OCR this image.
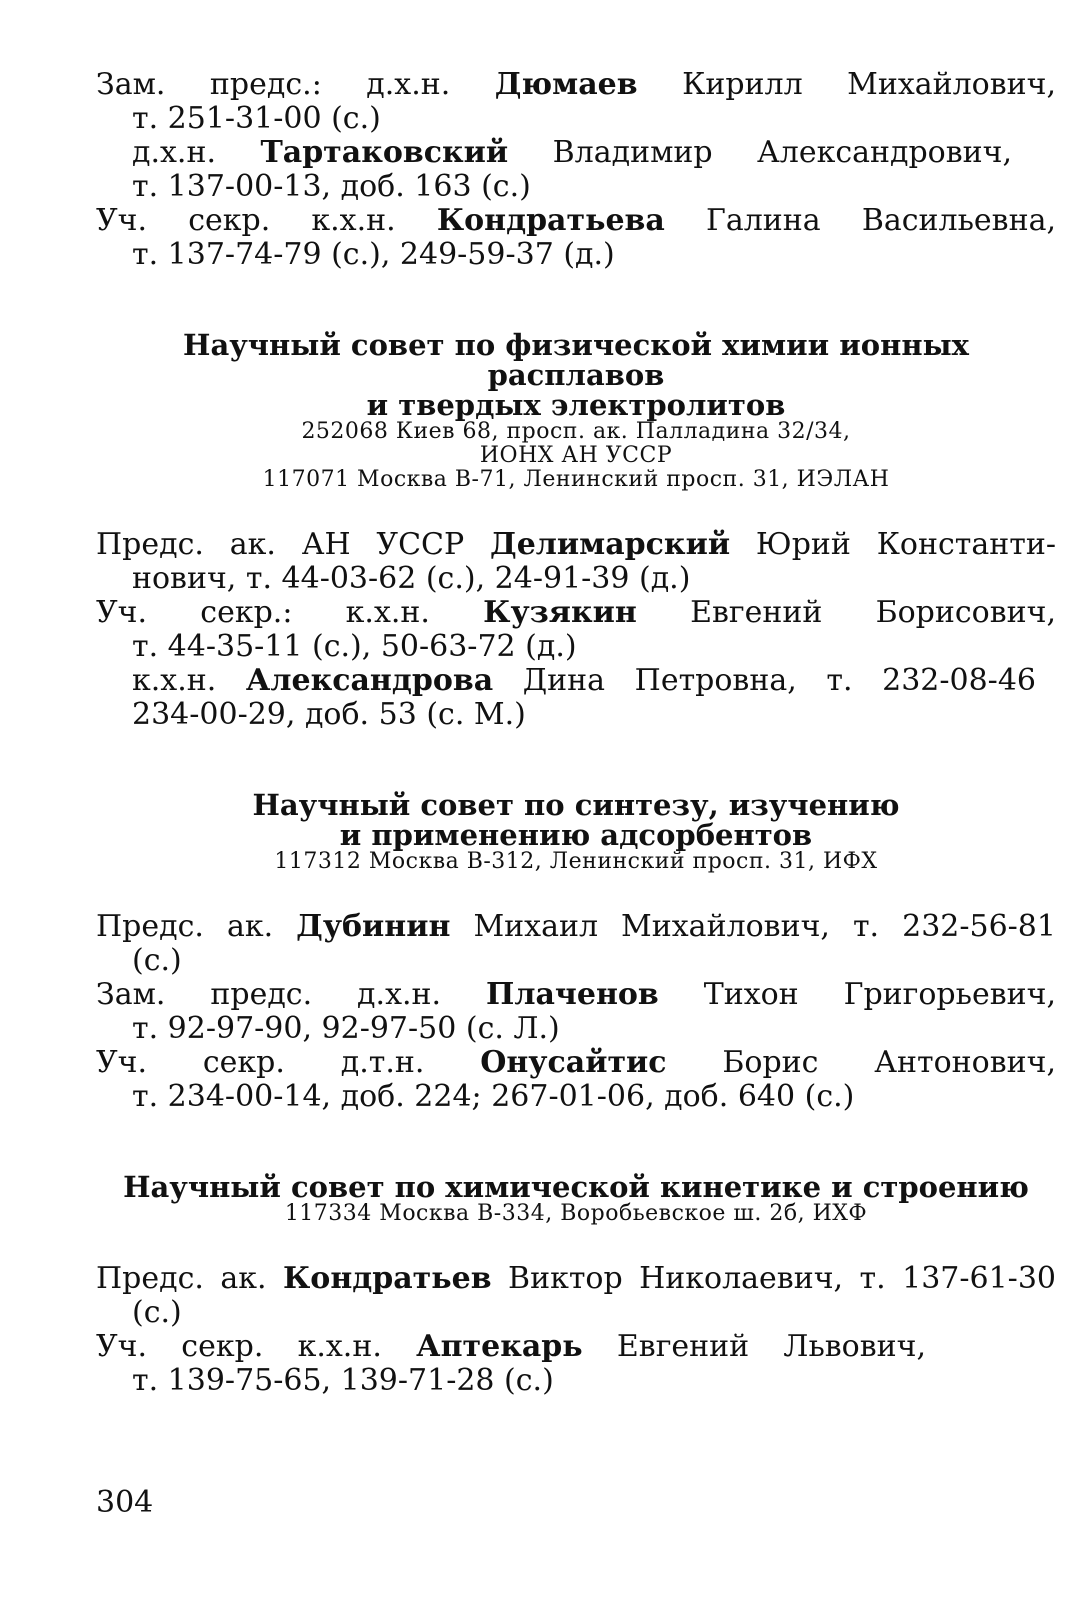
Зам. предс.: д.х.н. Дюмаев Кирилл Михайлович,
т. 251-31-00 (с.)
д.х.н. Тартаковский Владимир Александрович,
т. 137-00-13, доб. 163 (с.)
Уч. секр. к.х.н. Кондратьева Галина Васильевна,
т. 137-74-79 (с.), 249-59-37 (д.)
Научный совет по физической химии ионных расплавов
и твердых электролитов
252068 Киев 68, просп. ак. Палладина 32/34,
ИОНХ АН УССР
117071 Москва В-71, Ленинский просп. 31, ИЭЛАН
Предс. ак. АН УССР Делимарский Юрий Константи-
нович, т. 44-03-62 (с.), 24-91-39 (д.)
Уч. секр.: к.х.н. Кузякин Евгений Борисович,
т. 44-35-11 (с.), 50-63-72 (д.)
к.х.н. Александрова Дина Петровна, т. 232-08-46
234-00-29, доб. 53 (с. М.)
Научный совет по синтезу, изучению
и применению адсорбентов
117312 Москва В-312, Ленинский просп. 31, ИФХ
Предс. ак. Дубинин Михаил Михайлович, т. 232-56-81
(с.)
Зам. предс. д.х.н. Плаченов Тихон Григорьевич,
т. 92-97-90, 92-97-50 (с. Л.)
Уч. секр. д.т.н. Онусайтис Борис Антонович,
т. 234-00-14, доб. 224; 267-01-06, доб. 640 (с.)
Научный совет по химической кинетике и строению
117334 Москва В-334, Воробьевское ш. 2б, ИХФ
Предс. ак. Кондратьев Виктор Николаевич, т. 137-61-30
(с.)
Уч. секр. к.х.н. Аптекарь Евгений Львович,
т. 139-75-65, 139-71-28 (с.)
304
